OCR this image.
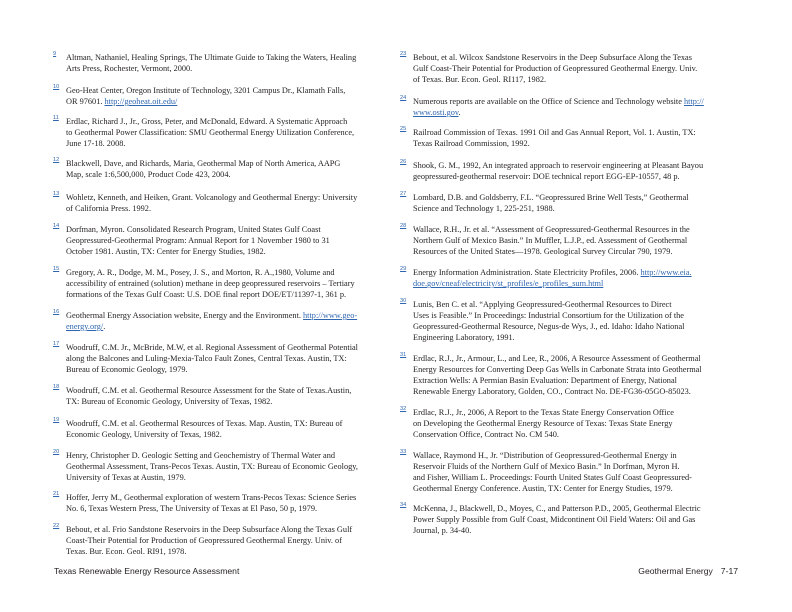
9 Altman, Nathaniel, Healing Springs, The Ultimate Guide to Taking the Waters, Healing
Arts Press, Rochester, Vermont, 2000.
10 Geo-Heat Center, Oregon Institute of Technology, 3201 Campus Dr., Klamath Falls,
OR 97601. http://geoheat.oit.edu/
11 Erdlac, Richard J., Jr., Gross, Peter, and McDonald, Edward. A Systematic Approach
to Geothermal Power Classification: SMU Geothermal Energy Utilization Conference,
June 17-18. 2008.
12 Blackwell, Dave, and Richards, Maria, Geothermal Map of North America, AAPG
Map, scale 1:6,500,000, Product Code 423, 2004.
13 Wohletz, Kenneth, and Heiken, Grant. Volcanology and Geothermal Energy: University
of California Press. 1992.
14 Dorfman, Myron. Consolidated Research Program, United States Gulf Coast
Geopressured-Geothermal Program: Annual Report for 1 November 1980 to 31
October 1981. Austin, TX: Center for Energy Studies, 1982.
15 Gregory, A. R., Dodge, M. M., Posey, J. S., and Morton, R. A.,1980, Volume and
accessibility of entrained (solution) methane in deep geopressured reservoirs – Tertiary
formations of the Texas Gulf Coast: U.S. DOE final report DOE/ET/11397-1, 361 p.
16 Geothermal Energy Association website, Energy and the Environment. http://www.geo-
energy.org/.
17 Woodruff, C.M. Jr., McBride, M.W, et al. Regional Assessment of Geothermal Potential
along the Balcones and Luling-Mexia-Talco Fault Zones, Central Texas. Austin, TX:
Bureau of Economic Geology, 1979.
18 Woodruff, C.M. et al. Geothermal Resource Assessment for the State of Texas.Austin,
TX: Bureau of Economic Geology, University of Texas, 1982.
19 Woodruff, C.M. et al. Geothermal Resources of Texas. Map. Austin, TX: Bureau of
Economic Geology, University of Texas, 1982.
20 Henry, Christopher D. Geologic Setting and Geochemistry of Thermal Water and
Geothermal Assessment, Trans-Pecos Texas. Austin, TX: Bureau of Economic Geology,
University of Texas at Austin, 1979.
21 Hoffer, Jerry M., Geothermal exploration of western Trans-Pecos Texas: Science Series
No. 6, Texas Western Press, The University of Texas at El Paso, 50 p, 1979.
22 Bebout, et al. Frio Sandstone Reservoirs in the Deep Subsurface Along the Texas Gulf
Coast-Their Potential for Production of Geopressured Geothermal Energy. Univ. of
Texas. Bur. Econ. Geol. RI91, 1978.
23 Bebout, et al. Wilcox Sandstone Reservoirs in the Deep Subsurface Along the Texas
Gulf Coast-Their Potential for Production of Geopressured Geothermal Energy. Univ.
of Texas. Bur. Econ. Geol. RI117, 1982.
24 Numerous reports are available on the Office of Science and Technology website http://
www.osti.gov.
25 Railroad Commission of Texas. 1991 Oil and Gas Annual Report, Vol. 1. Austin, TX:
Texas Railroad Commission, 1992.
26 Shook, G. M., 1992, An integrated approach to reservoir engineering at Pleasant Bayou
geopressured-geothermal reservoir: DOE technical report EGG-EP-10557, 48 p.
27 Lombard, D.B. and Goldsberry, F.L. “Geopressured Brine Well Tests,” Geothermal
Science and Technology 1, 225-251, 1988.
28 Wallace, R.H., Jr. et al. “Assessment of Geopressured-Geothermal Resources in the
Northern Gulf of Mexico Basin.” In Muffler, L.J.P., ed. Assessment of Geothermal
Resources of the United States—1978. Geological Survey Circular 790, 1979.
29 Energy Information Administration. State Electricity Profiles, 2006. http://www.eia.
doe.gov/cneaf/electricity/st_profiles/e_profiles_sum.html
30 Lunis, Ben C. et al. “Applying Geopressured-Geothermal Resources to Direct
Uses is Feasible.” In Proceedings: Industrial Consortium for the Utilization of the
Geopressured-Geothermal Resource, Negus-de Wys, J., ed. Idaho: Idaho National
Engineering Laboratory, 1991.
31 Erdlac, R.J., Jr., Armour, L., and Lee, R., 2006, A Resource Assessment of Geothermal
Energy Resources for Converting Deep Gas Wells in Carbonate Strata into Geothermal
Extraction Wells: A Permian Basin Evaluation: Department of Energy, National
Renewable Energy Laboratory, Golden, CO., Contract No. DE-FG36-05GO-85023.
32 Erdlac, R.J., Jr., 2006, A Report to the Texas State Energy Conservation Office
on Developing the Geothermal Energy Resource of Texas: Texas State Energy
Conservation Office, Contract No. CM 540.
33 Wallace, Raymond H., Jr. “Distribution of Geopressured-Geothermal Energy in
Reservoir Fluids of the Northern Gulf of Mexico Basin.” In Dorfman, Myron H.
and Fisher, William L. Proceedings: Fourth United States Gulf Coast Geopressured-
Geothermal Energy Conference. Austin, TX: Center for Energy Studies, 1979.
34 McKenna, J., Blackwell, D., Moyes, C., and Patterson P.D., 2005, Geothermal Electric
Power Supply Possible from Gulf Coast, Midcontinent Oil Field Waters: Oil and Gas
Journal, p. 34-40.
Texas Renewable Energy Resource Assessment	Geothermal Energy 7-17
